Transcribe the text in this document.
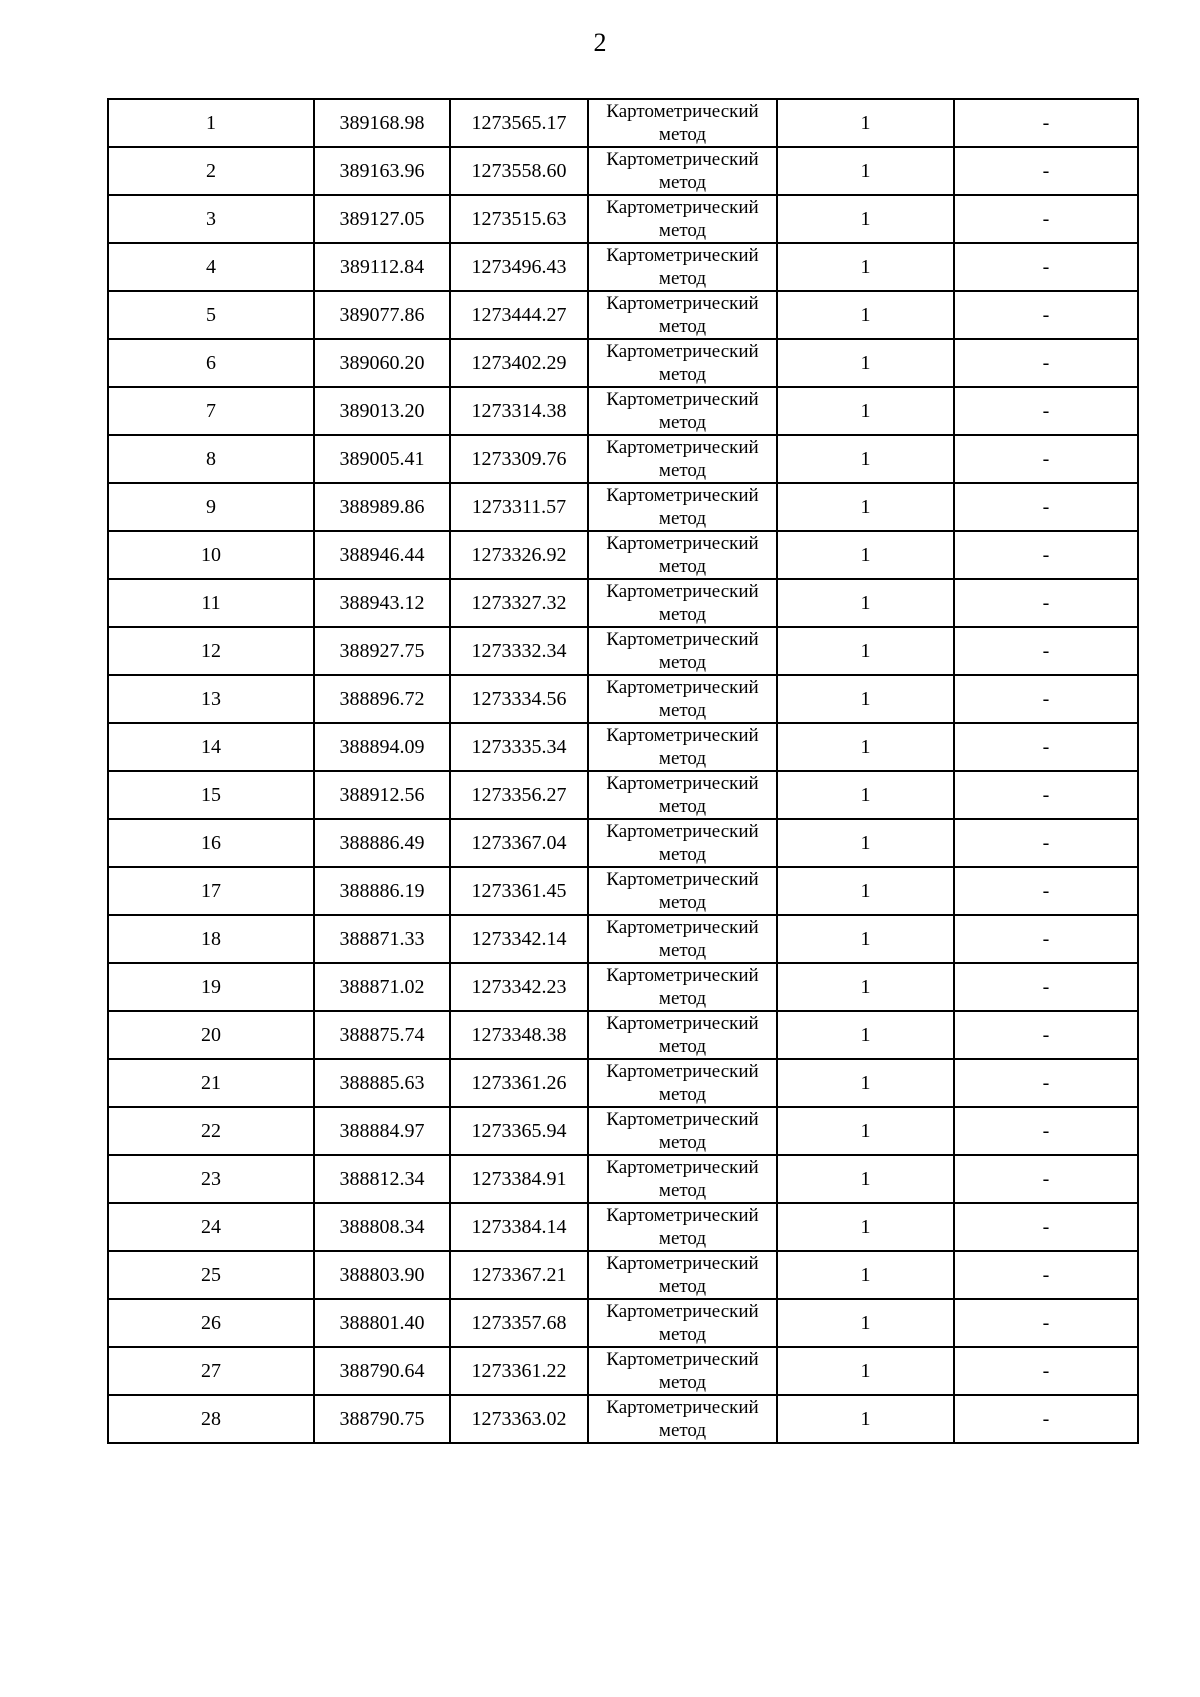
2
1	389168.98	1273565.17	Картометрический метод	1	-
2	389163.96	1273558.60	Картометрический метод	1	-
3	389127.05	1273515.63	Картометрический метод	1	-
4	389112.84	1273496.43	Картометрический метод	1	-
5	389077.86	1273444.27	Картометрический метод	1	-
6	389060.20	1273402.29	Картометрический метод	1	-
7	389013.20	1273314.38	Картометрический метод	1	-
8	389005.41	1273309.76	Картометрический метод	1	-
9	388989.86	1273311.57	Картометрический метод	1	-
10	388946.44	1273326.92	Картометрический метод	1	-
11	388943.12	1273327.32	Картометрический метод	1	-
12	388927.75	1273332.34	Картометрический метод	1	-
13	388896.72	1273334.56	Картометрический метод	1	-
14	388894.09	1273335.34	Картометрический метод	1	-
15	388912.56	1273356.27	Картометрический метод	1	-
16	388886.49	1273367.04	Картометрический метод	1	-
17	388886.19	1273361.45	Картометрический метод	1	-
18	388871.33	1273342.14	Картометрический метод	1	-
19	388871.02	1273342.23	Картометрический метод	1	-
20	388875.74	1273348.38	Картометрический метод	1	-
21	388885.63	1273361.26	Картометрический метод	1	-
22	388884.97	1273365.94	Картометрический метод	1	-
23	388812.34	1273384.91	Картометрический метод	1	-
24	388808.34	1273384.14	Картометрический метод	1	-
25	388803.90	1273367.21	Картометрический метод	1	-
26	388801.40	1273357.68	Картометрический метод	1	-
27	388790.64	1273361.22	Картометрический метод	1	-
28	388790.75	1273363.02	Картометрический метод	1	-
